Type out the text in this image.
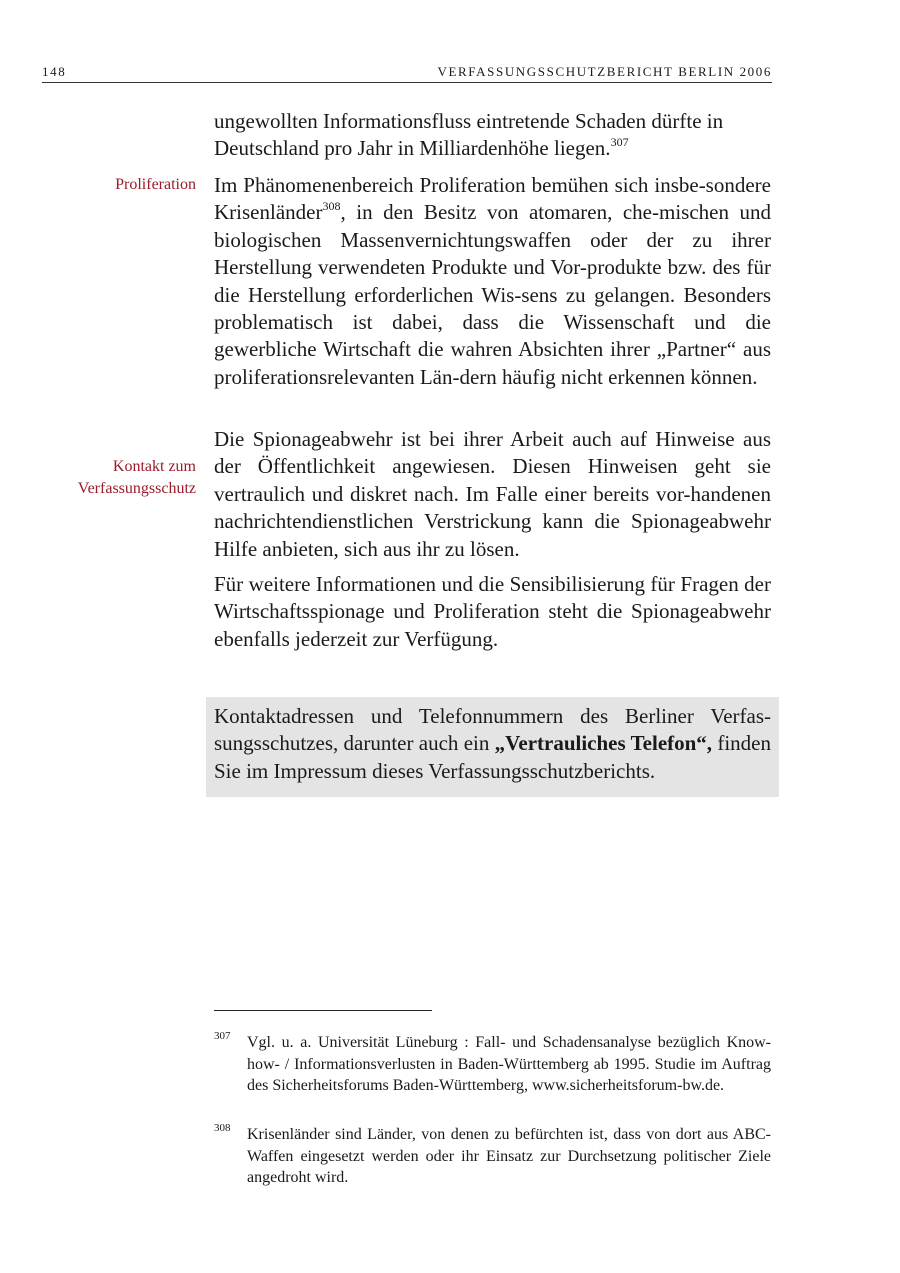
148	VERFASSUNGSSCHUTZBERICHT BERLIN 2006
Proliferation
Kontakt zum
Verfassungsschutz
ungewollten Informationsfluss eintretende Schaden dürfte in
Deutschland pro Jahr in Milliardenhöhe liegen.$^{307}$

Im Phänomenenbereich Proliferation bemühen sich insbe-sondere Krisenländer$^{308}$, in den Besitz von atomaren, che-mischen und biologischen Massenvernichtungswaffen oder der zu ihrer Herstellung verwendeten Produkte und Vor-produkte bzw. des für die Herstellung erforderlichen Wis-sens zu gelangen. Besonders problematisch ist dabei, dass die Wissenschaft und die gewerbliche Wirtschaft die wahren Absichten ihrer „Partner“ aus proliferationsrelevanten Län-dern häufig nicht erkennen können.

Die Spionageabwehr ist bei ihrer Arbeit auch auf Hinweise aus der Öffentlichkeit angewiesen. Diesen Hinweisen geht sie vertraulich und diskret nach. Im Falle einer bereits vor-handenen nachrichtendienstlichen Verstrickung kann die Spionageabwehr Hilfe anbieten, sich aus ihr zu lösen.

Für weitere Informationen und die Sensibilisierung für Fragen der Wirtschaftsspionage und Proliferation steht die Spionageabwehr ebenfalls jederzeit zur Verfügung.

Kontaktadressen und Telefonnummern des Berliner Verfas-sungsschutzes, darunter auch ein „Vertrauliches Telefon“, finden Sie im Impressum dieses Verfassungsschutzberichts.
307 Vgl. u. a. Universität Lüneburg : Fall- und Schadensanalyse bezüglich Know-how- / Informationsverlusten in Baden-Württemberg ab 1995. Studie im Auftrag des Sicherheitsforums Baden-Württemberg, www.sicherheitsforum-bw.de.
308 Krisenländer sind Länder, von denen zu befürchten ist, dass von dort aus ABC-Waffen eingesetzt werden oder ihr Einsatz zur Durchsetzung politischer Ziele angedroht wird.
